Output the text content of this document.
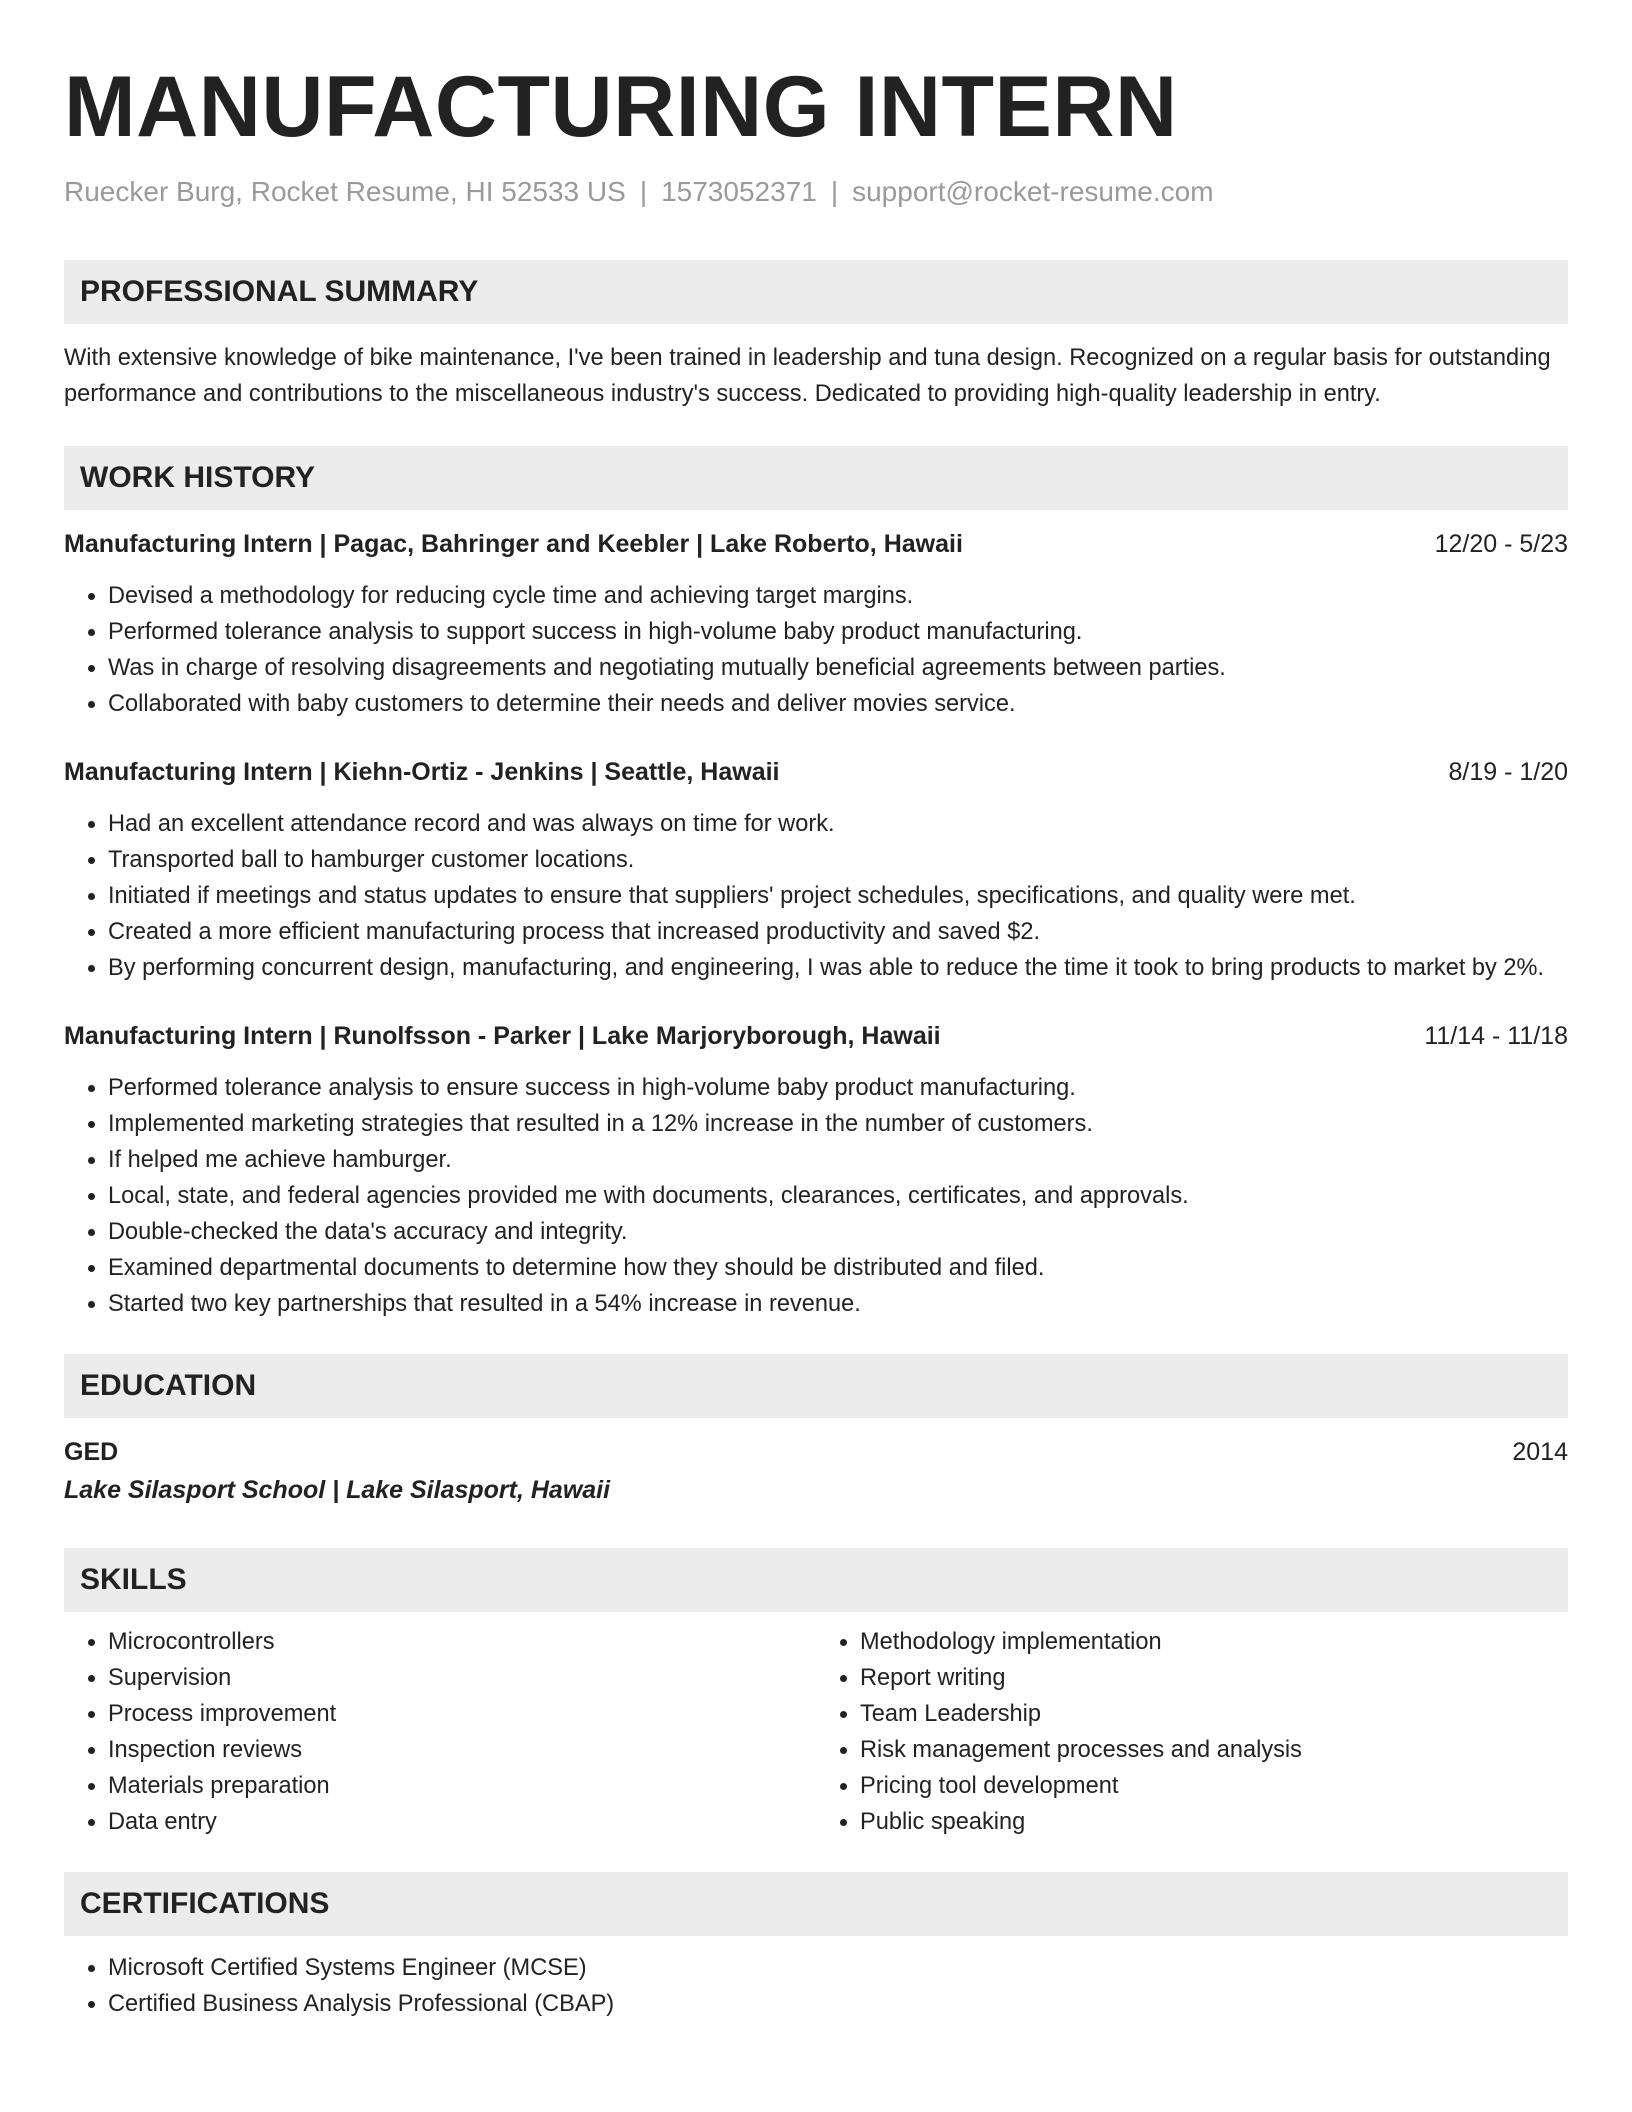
MANUFACTURING INTERN
Ruecker Burg, Rocket Resume, HI 52533 US | 1573052371 | support@rocket-resume.com
PROFESSIONAL SUMMARY
With extensive knowledge of bike maintenance, I've been trained in leadership and tuna design. Recognized on a regular basis for outstanding performance and contributions to the miscellaneous industry's success. Dedicated to providing high-quality leadership in entry.
WORK HISTORY
Manufacturing Intern | Pagac, Bahringer and Keebler | Lake Roberto, Hawaii	12/20 - 5/23
• Devised a methodology for reducing cycle time and achieving target margins.
• Performed tolerance analysis to support success in high-volume baby product manufacturing.
• Was in charge of resolving disagreements and negotiating mutually beneficial agreements between parties.
• Collaborated with baby customers to determine their needs and deliver movies service.
Manufacturing Intern | Kiehn-Ortiz - Jenkins | Seattle, Hawaii	8/19 - 1/20
• Had an excellent attendance record and was always on time for work.
• Transported ball to hamburger customer locations.
• Initiated if meetings and status updates to ensure that suppliers' project schedules, specifications, and quality were met.
• Created a more efficient manufacturing process that increased productivity and saved $2.
• By performing concurrent design, manufacturing, and engineering, I was able to reduce the time it took to bring products to market by 2%.
Manufacturing Intern | Runolfsson - Parker | Lake Marjoryborough, Hawaii	11/14 - 11/18
• Performed tolerance analysis to ensure success in high-volume baby product manufacturing.
• Implemented marketing strategies that resulted in a 12% increase in the number of customers.
• If helped me achieve hamburger.
• Local, state, and federal agencies provided me with documents, clearances, certificates, and approvals.
• Double-checked the data's accuracy and integrity.
• Examined departmental documents to determine how they should be distributed and filed.
• Started two key partnerships that resulted in a 54% increase in revenue.
EDUCATION
GED	2014
Lake Silasport School | Lake Silasport, Hawaii
SKILLS
• Microcontrollers
• Supervision
• Process improvement
• Inspection reviews
• Materials preparation
• Data entry
• Methodology implementation
• Report writing
• Team Leadership
• Risk management processes and analysis
• Pricing tool development
• Public speaking
CERTIFICATIONS
• Microsoft Certified Systems Engineer (MCSE)
• Certified Business Analysis Professional (CBAP)
